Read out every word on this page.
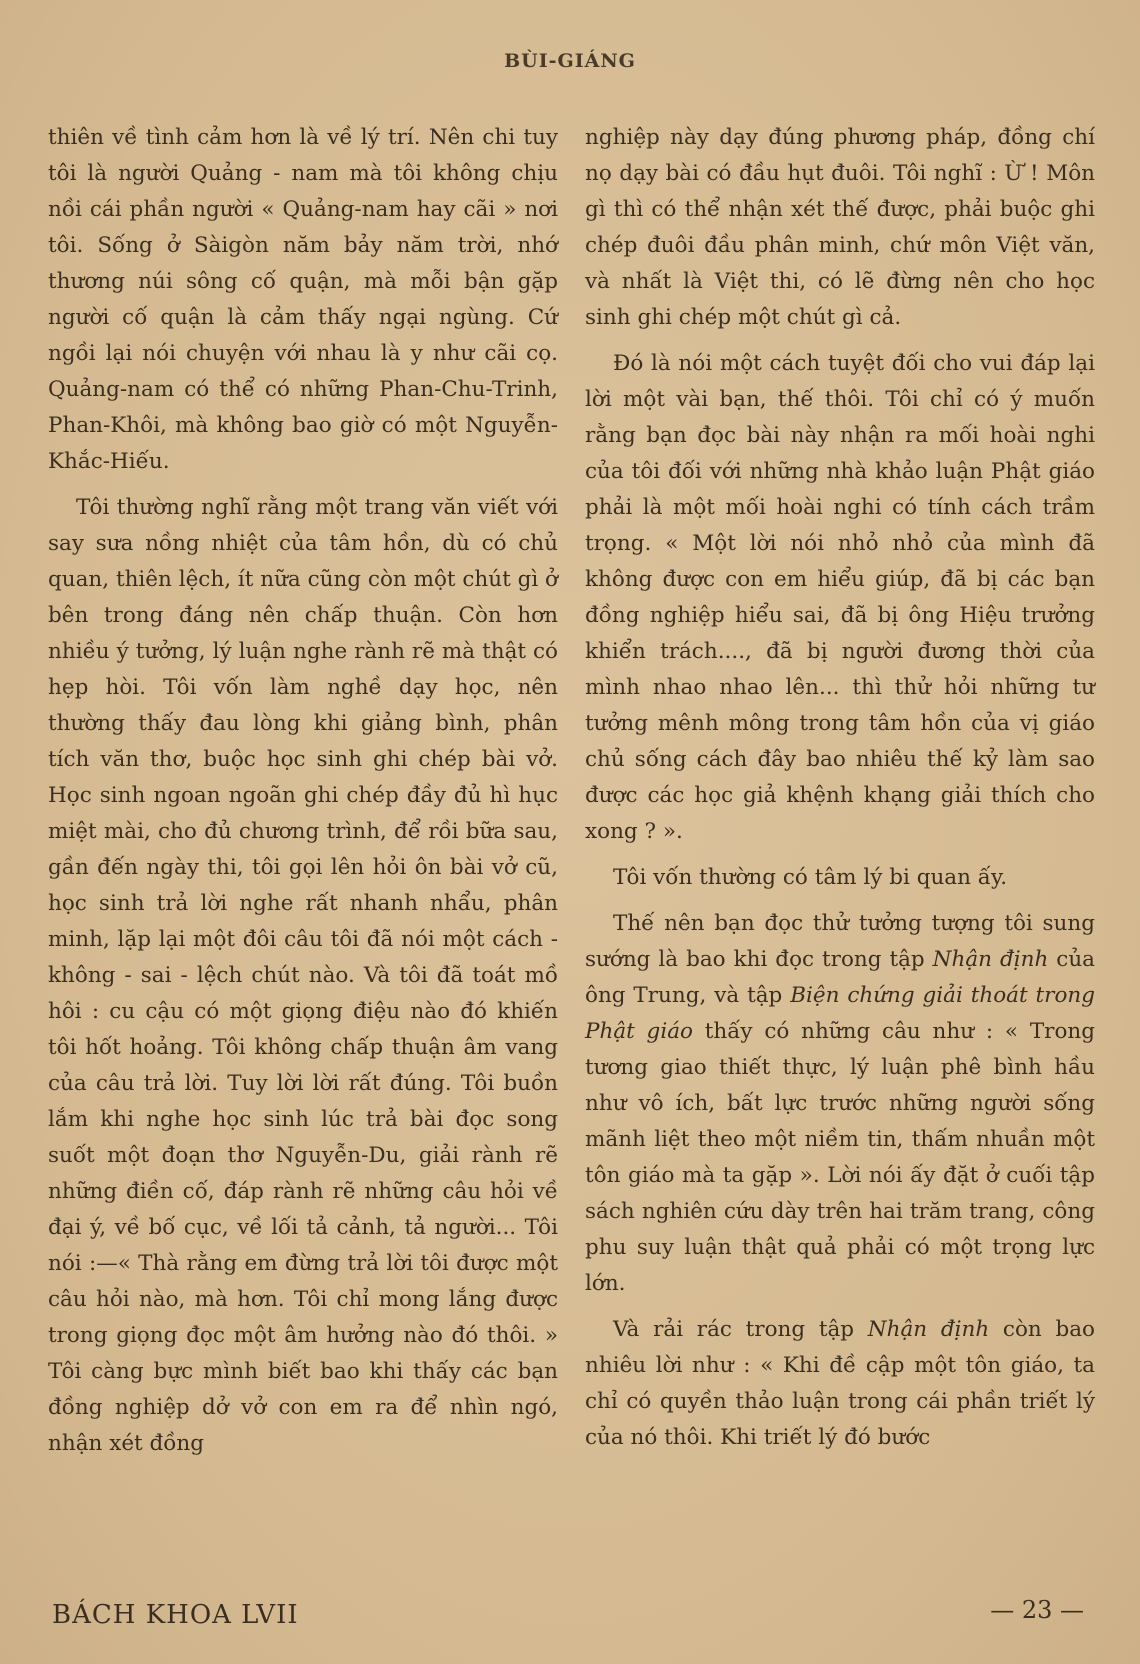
BÙI-GIÁNG

thiên về tình cảm hơn là về lý trí. Nên chi tuy tôi là người Quảng - nam mà tôi không chịu nồi cái phần người « Quảng-nam hay cãi » nơi tôi. Sống ở Sàigòn năm bảy năm trời, nhớ thương núi sông cố quận, mà mỗi bận gặp người cố quận là cảm thấy ngại ngùng. Cứ ngồi lại nói chuyện với nhau là y như cãi cọ. Quảng-nam có thể có những Phan-Chu-Trinh, Phan-Khôi, mà không bao giờ có một Nguyễn-Khắc-Hiếu.

Tôi thường nghĩ rằng một trang văn viết với say sưa nồng nhiệt của tâm hồn, dù có chủ quan, thiên lệch, ít nữa cũng còn một chút gì ở bên trong đáng nên chấp thuận. Còn hơn nhiều ý tưởng, lý luận nghe rành rẽ mà thật có hẹp hòi. Tôi vốn làm nghề dạy học, nên thường thấy đau lòng khi giảng bình, phân tích văn thơ, buộc học sinh ghi chép bài vở. Học sinh ngoan ngoãn ghi chép đầy đủ hì hục miệt mài, cho đủ chương trình, để rồi bữa sau, gần đến ngày thi, tôi gọi lên hỏi ôn bài vở cũ, học sinh trả lời nghe rất nhanh nhẩu, phân minh, lặp lại một đôi câu tôi đã nói một cách - không - sai - lệch chút nào. Và tôi đã toát mồ hôi : cu cậu có một giọng điệu nào đó khiến tôi hốt hoảng. Tôi không chấp thuận âm vang của câu trả lời. Tuy lời lời rất đúng. Tôi buồn lắm khi nghe học sinh lúc trả bài đọc song suốt một đoạn thơ Nguyễn-Du, giải rành rẽ những điền cố, đáp rành rẽ những câu hỏi về đại ý, về bố cục, về lối tả cảnh, tả người... Tôi nói :—« Thà rằng em đừng trả lời tôi được một câu hỏi nào, mà hơn. Tôi chỉ mong lắng được trong giọng đọc một âm hưởng nào đó thôi. » Tôi càng bực mình biết bao khi thấy các bạn đồng nghiệp dở vở con em ra để nhìn ngó, nhận xét đồng

nghiệp này dạy đúng phương pháp, đồng chí nọ dạy bài có đầu hụt đuôi. Tôi nghĩ : Ừ ! Môn gì thì có thể nhận xét thế được, phải buộc ghi chép đuôi đầu phân minh, chứ môn Việt văn, và nhất là Việt thi, có lẽ đừng nên cho học sinh ghi chép một chút gì cả.

Đó là nói một cách tuyệt đối cho vui đáp lại lời một vài bạn, thế thôi. Tôi chỉ có ý muốn rằng bạn đọc bài này nhận ra mối hoài nghi của tôi đối với những nhà khảo luận Phật giáo phải là một mối hoài nghi có tính cách trầm trọng. « Một lời nói nhỏ nhỏ của mình đã không được con em hiểu giúp, đã bị các bạn đồng nghiệp hiểu sai, đã bị ông Hiệu trưởng khiển trách...., đã bị người đương thời của mình nhao nhao lên... thì thử hỏi những tư tưởng mênh mông trong tâm hồn của vị giáo chủ sống cách đây bao nhiêu thế kỷ làm sao được các học giả khệnh khạng giải thích cho xong ? ».

Tôi vốn thường có tâm lý bi quan ấy.

Thế nên bạn đọc thử tưởng tượng tôi sung sướng là bao khi đọc trong tập Nhận định của ông Trung, và tập Biện chứng giải thoát trong Phật giáo thấy có những câu như : « Trong tương giao thiết thực, lý luận phê bình hầu như vô ích, bất lực trước những người sống mãnh liệt theo một niềm tin, thấm nhuần một tôn giáo mà ta gặp ». Lời nói ấy đặt ở cuối tập sách nghiên cứu dày trên hai trăm trang, công phu suy luận thật quả phải có một trọng lực lớn.

Và rải rác trong tập Nhận định còn bao nhiêu lời như : « Khi đề cập một tôn giáo, ta chỉ có quyền thảo luận trong cái phần triết lý của nó thôi. Khi triết lý đó bước

BÁCH KHOA LVII	— 23 —
